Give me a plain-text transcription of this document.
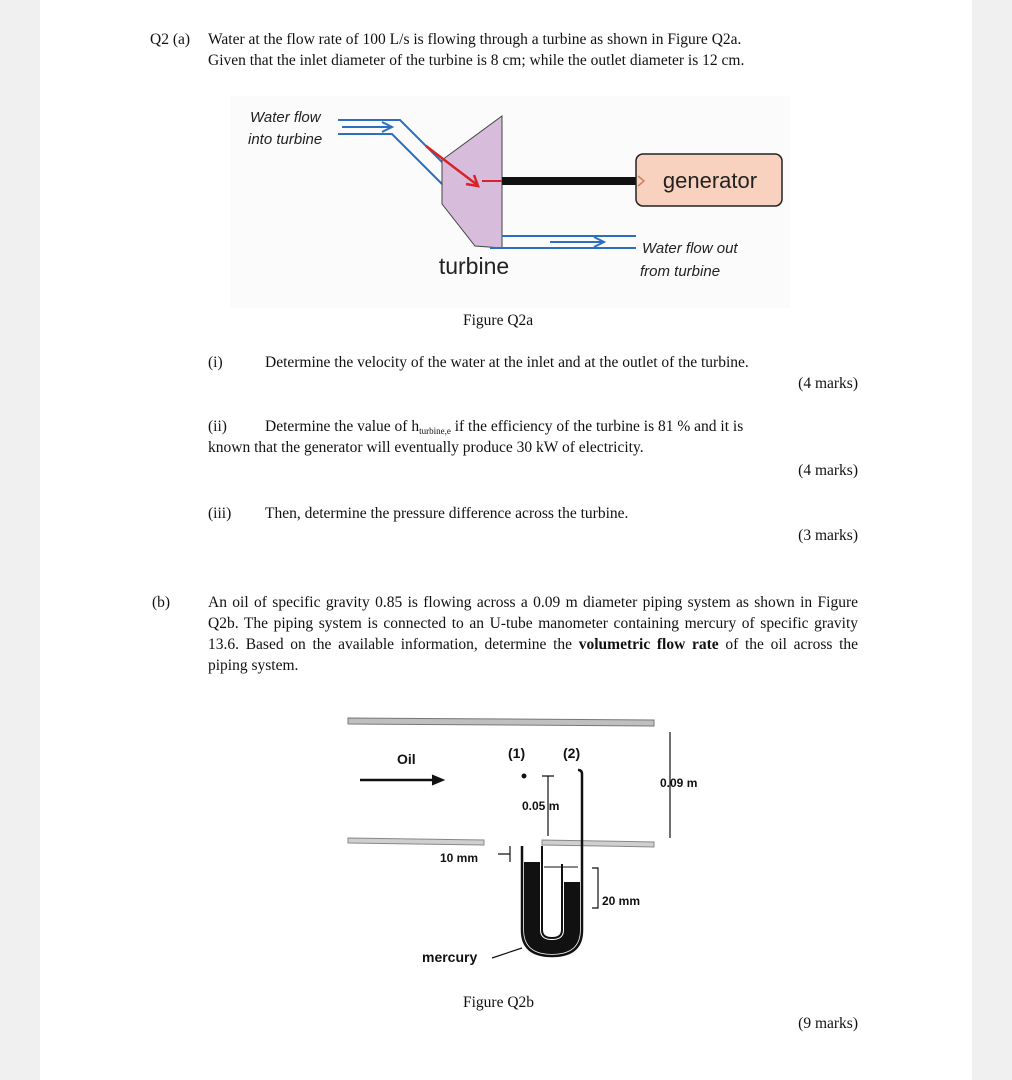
Q2 (a) Water at the flow rate of 100 L/s is flowing through a turbine as shown in Figure Q2a.
Given that the inlet diameter of the turbine is 8 cm; while the outlet diameter is 12 cm.
generator
Water flow
into turbine
Water flow out
from turbine
turbine
Figure Q2a
(i)	Determine the velocity of the water at the inlet and at the outlet of the turbine.
(4 marks)
(ii) Determine the value of $h_{turbine,e}$ if the efficiency of the turbine is 81 % and it is
known that the generator will eventually produce 30 kW of electricity.
(4 marks)
(iii) Then, determine the pressure difference across the turbine.
(3 marks)
(b) An oil of specific gravity 0.85 is flowing across a 0.09 m diameter piping system as shown in Figure Q2b. The piping system is connected to an U-tube manometer containing mercury of specific gravity 13.6. Based on the available information, determine the volumetric flow rate of the oil across the piping system.
Oil	(1)	(2)
0.05 m
0.09 m
10 mm
20 mm
mercury
Figure Q2b
(9 marks)
